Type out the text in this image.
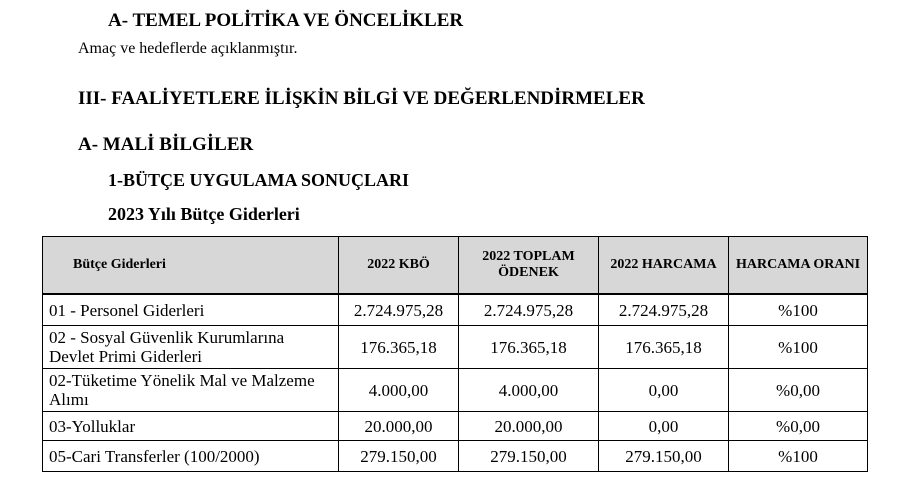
A- TEMEL POLİTİKA VE ÖNCELİKLER
Amaç ve hedeflerde açıklanmıştır.
III- FAALİYETLERE İLİŞKİN BİLGİ VE DEĞERLENDİRMELER
A- MALİ BİLGİLER
1-BÜTÇE UYGULAMA SONUÇLARI
2023 Yılı Bütçe Giderleri
Bütçe Giderleri	2022 KBÖ	2022 TOPLAM ÖDENEK	2022 HARCAMA	HARCAMA ORANI
01 - Personel Giderleri	2.724.975,28	2.724.975,28	2.724.975,28	%100
02 - Sosyal Güvenlik Kurumlarına Devlet Primi Giderleri	176.365,18	176.365,18	176.365,18	%100
02-Tüketime Yönelik Mal ve Malzeme Alımı	4.000,00	4.000,00	0,00	%0,00
03-Yolluklar	20.000,00	20.000,00	0,00	%0,00
05-Cari Transferler (100/2000)	279.150,00	279.150,00	279.150,00	%100
